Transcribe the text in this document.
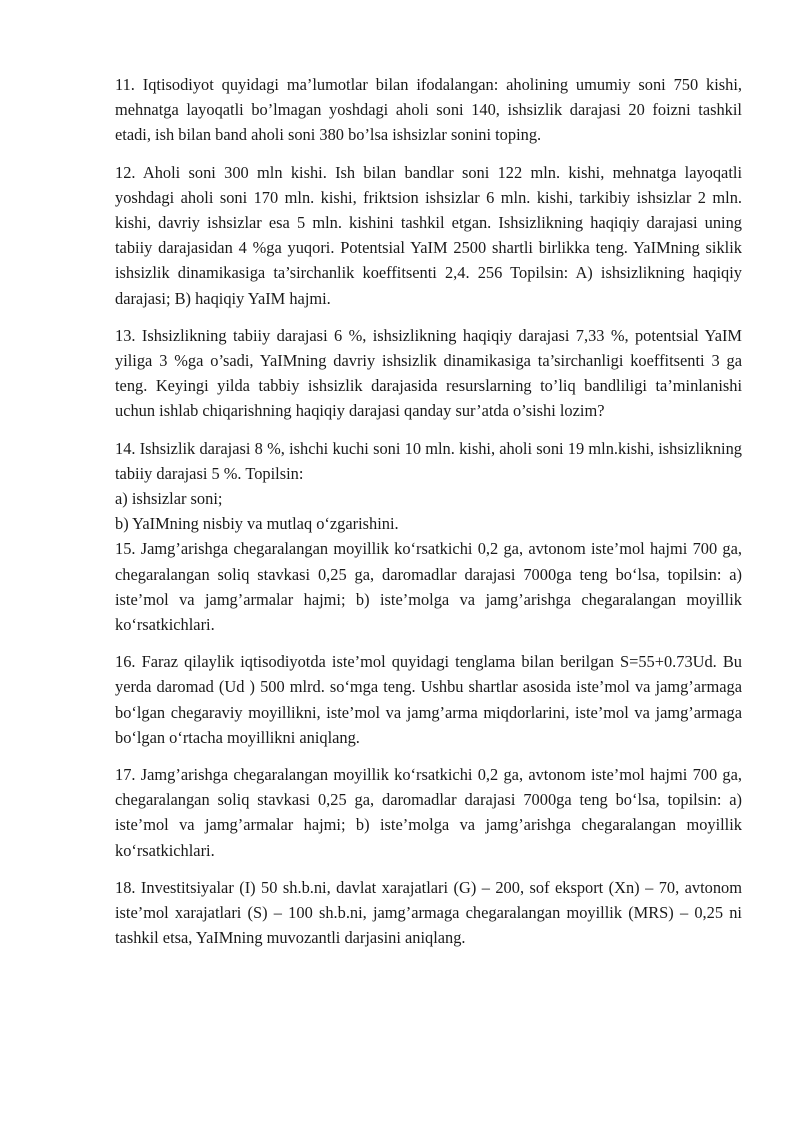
11. Iqtisodiyot quyidagi ma’lumotlar bilan ifodalangan: aholining umumiy soni 750 kishi, mehnatga layoqatli bo’lmagan yoshdagi aholi soni 140, ishsizlik darajasi 20 foizni tashkil etadi, ish bilan band aholi soni 380 bo’lsa ishsizlar sonini toping.

12. Aholi soni 300 mln kishi. Ish bilan bandlar soni 122 mln. kishi, mehnatga layoqatli yoshdagi aholi soni 170 mln. kishi, friktsion ishsizlar 6 mln. kishi, tarkibiy ishsizlar 2 mln. kishi, davriy ishsizlar esa 5 mln. kishini tashkil etgan. Ishsizlikning haqiqiy darajasi uning tabiiy darajasidan 4 %ga yuqori. Potentsial YaIM 2500 shartli birlikka teng. YaIMning siklik ishsizlik dinamikasiga ta’sirchanlik koeffitsenti 2,4. 256 Topilsin: A) ishsizlikning haqiqiy darajasi; B) haqiqiy YaIM hajmi.

13. Ishsizlikning tabiiy darajasi 6 %, ishsizlikning haqiqiy darajasi 7,33 %, potentsial YaIM yiliga 3 %ga o’sadi, YaIMning davriy ishsizlik dinamikasiga ta’sirchanligi koeffitsenti 3 ga teng. Keyingi yilda tabbiy ishsizlik darajasida resurslarning to’liq bandliligi ta’minlanishi uchun ishlab chiqarishning haqiqiy darajasi qanday sur’atda o’sishi lozim?

14. Ishsizlik darajasi 8 %, ishchi kuchi soni 10 mln. kishi, aholi soni 19 mln.kishi, ishsizlikning tabiiy darajasi 5 %. Topilsin:
a) ishsizlar soni;
b) YaIMning nisbiy va mutlaq o‘zgarishini.

15. Jamg’arishga chegaralangan moyillik ko‘rsatkichi 0,2 ga, avtonom iste’mol hajmi 700 ga, chegaralangan soliq stavkasi 0,25 ga, daromadlar darajasi 7000ga teng bo‘lsa, topilsin: a) iste’mol va jamg’armalar hajmi; b) iste’molga va jamg’arishga chegaralangan moyillik ko‘rsatkichlari.

16. Faraz qilaylik iqtisodiyotda iste’mol quyidagi tenglama bilan berilgan S=55+0.73Ud. Bu yerda daromad (Ud ) 500 mlrd. so‘mga teng. Ushbu shartlar asosida iste’mol va jamg’armaga bo‘lgan chegaraviy moyillikni, iste’mol va jamg’arma miqdorlarini, iste’mol va jamg’armaga bo‘lgan o‘rtacha moyillikni aniqlang.

17. Jamg’arishga chegaralangan moyillik ko‘rsatkichi 0,2 ga, avtonom iste’mol hajmi 700 ga, chegaralangan soliq stavkasi 0,25 ga, daromadlar darajasi 7000ga teng bo‘lsa, topilsin: a) iste’mol va jamg’armalar hajmi; b) iste’molga va jamg’arishga chegaralangan moyillik ko‘rsatkichlari.

18. Investitsiyalar (I) 50 sh.b.ni, davlat xarajatlari (G) – 200, sof eksport (Xn) – 70, avtonom iste’mol xarajatlari (S) – 100 sh.b.ni, jamg’armaga chegaralangan moyillik (MRS) – 0,25 ni tashkil etsa, YaIMning muvozantli darjasini aniqlang.
